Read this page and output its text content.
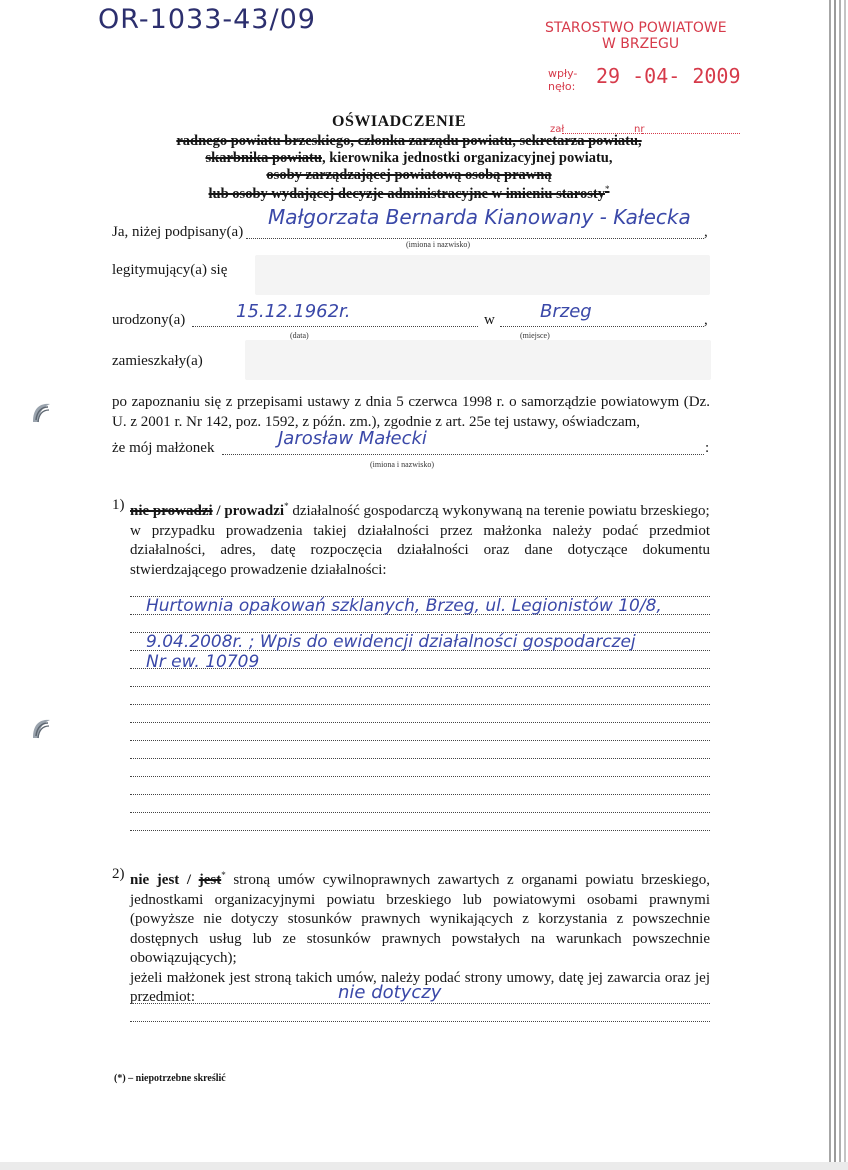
OR-1033-43/09	STAROSTWO POWIATOWE
W BRZEGU
wpły-
nęło:	29 -04- 2009
zał	nr
OŚWIADCZENIE
radnego powiatu brzeskiego, członka zarządu powiatu, sekretarza powiatu,
skarbnika powiatu, kierownika jednostki organizacyjnej powiatu,
osoby zarządzającej powiatową osobą prawną
lub osoby wydającej decyzje administracyjne w imieniu starosty*
Ja, niżej podpisany(a)	,
Małgorzata Bernarda Kianowany - Kałecka
(imiona i nazwisko)
legitymujący(a) się
urodzony(a)	15.12.1962r.
(data)
w	,
Brzeg
(miejsce)
zamieszkały(a)
po zapoznaniu się z przepisami ustawy z dnia 5 czerwca 1998 r. o samorządzie powiatowym (Dz. U. z 2001 r. Nr 142, poz. 1592, z późn. zm.), zgodnie z art. 25e tej ustawy, oświadczam,
że mój małżonek	:
Jarosław Małecki
(imiona i nazwisko)
1) nie prowadzi / prowadzi* działalność gospodarczą wykonywaną na terenie powiatu brzeskiego;
w przypadku prowadzenia takiej działalności przez małżonka należy podać przedmiot działalności, adres, datę rozpoczęcia działalności oraz dane dotyczące dokumentu stwierdzającego prowadzenie działalności:
Hurtownia opakowań szklanych, Brzeg, ul. Legionistów 10/8,
9.04.2008r. ; Wpis do ewidencji działalności gospodarczej
Nr ew. 10709
2) nie jest / jest* stroną umów cywilnoprawnych zawartych z organami powiatu brzeskiego, jednostkami organizacyjnymi powiatu brzeskiego lub powiatowymi osobami prawnymi (powyższe nie dotyczy stosunków prawnych wynikających z korzystania z powszechnie dostępnych usług lub ze stosunków prawnych powstałych na warunkach powszechnie obowiązujących);
jeżeli małżonek jest stroną takich umów, należy podać strony umowy, datę jej zawarcia oraz jej przedmiot:	nie dotyczy
(*) – niepotrzebne skreślić
